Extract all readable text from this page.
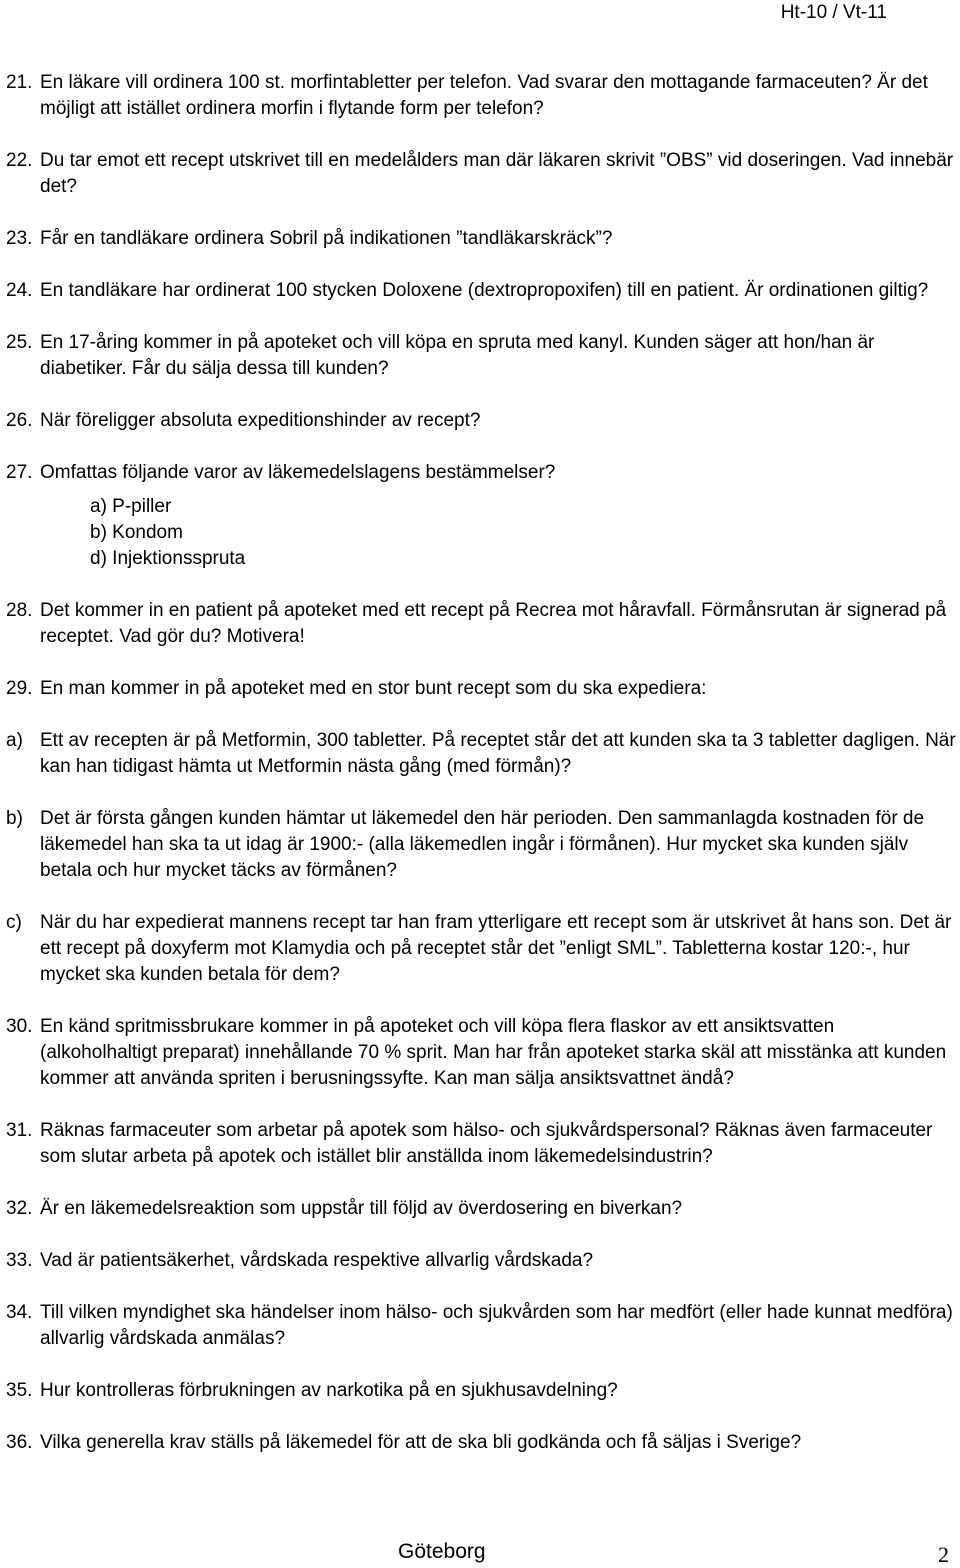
Ht-10 / Vt-11
21. En läkare vill ordinera 100 st. morfintabletter per telefon. Vad svarar den mottagande farmaceuten? Är det möjligt att istället ordinera morfin i flytande form per telefon?
22. Du tar emot ett recept utskrivet till en medelålders man där läkaren skrivit ”OBS” vid doseringen. Vad innebär det?
23. Får en tandläkare ordinera Sobril på indikationen ”tandläkarskräck”?
24. En tandläkare har ordinerat 100 stycken Doloxene (dextropropoxifen) till en patient. Är ordinationen giltig?
25. En 17-åring kommer in på apoteket och vill köpa en spruta med kanyl. Kunden säger att hon/han är diabetiker. Får du sälja dessa till kunden?
26. När föreligger absoluta expeditionshinder av recept?
27. Omfattas följande varor av läkemedelslagens bestämmelser?
a) P-piller
b) Kondom
d) Injektionsspruta
28. Det kommer in en patient på apoteket med ett recept på Recrea mot håravfall. Förmånsrutan är signerad på receptet. Vad gör du? Motivera!
29. En man kommer in på apoteket med en stor bunt recept som du ska expediera:
a) Ett av recepten är på Metformin, 300 tabletter. På receptet står det att kunden ska ta 3 tabletter dagligen. När kan han tidigast hämta ut Metformin nästa gång (med förmån)?
b) Det är första gången kunden hämtar ut läkemedel den här perioden. Den sammanlagda kostnaden för de läkemedel han ska ta ut idag är 1900:- (alla läkemedlen ingår i förmånen). Hur mycket ska kunden själv betala och hur mycket täcks av förmånen?
c) När du har expedierat mannens recept tar han fram ytterligare ett recept som är utskrivet åt hans son. Det är ett recept på doxyferm mot Klamydia och på receptet står det ”enligt SML”. Tabletterna kostar 120:-, hur mycket ska kunden betala för dem?
30. En känd spritmissbrukare kommer in på apoteket och vill köpa flera flaskor av ett ansiktsvatten (alkoholhaltigt preparat) innehållande 70 % sprit. Man har från apoteket starka skäl att misstänka att kunden kommer att använda spriten i berusningssyfte. Kan man sälja ansiktsvattnet ändå?
31. Räknas farmaceuter som arbetar på apotek som hälso- och sjukvårdspersonal? Räknas även farmaceuter som slutar arbeta på apotek och istället blir anställda inom läkemedelsindustrin?
32. Är en läkemedelsreaktion som uppstår till följd av överdosering en biverkan?
33. Vad är patientsäkerhet, vårdskada respektive allvarlig vårdskada?
34. Till vilken myndighet ska händelser inom hälso- och sjukvården som har medfört (eller hade kunnat medföra) allvarlig vårdskada anmälas?
35. Hur kontrolleras förbrukningen av narkotika på en sjukhusavdelning?
36. Vilka generella krav ställs på läkemedel för att de ska bli godkända och få säljas i Sverige?
Göteborg	2
